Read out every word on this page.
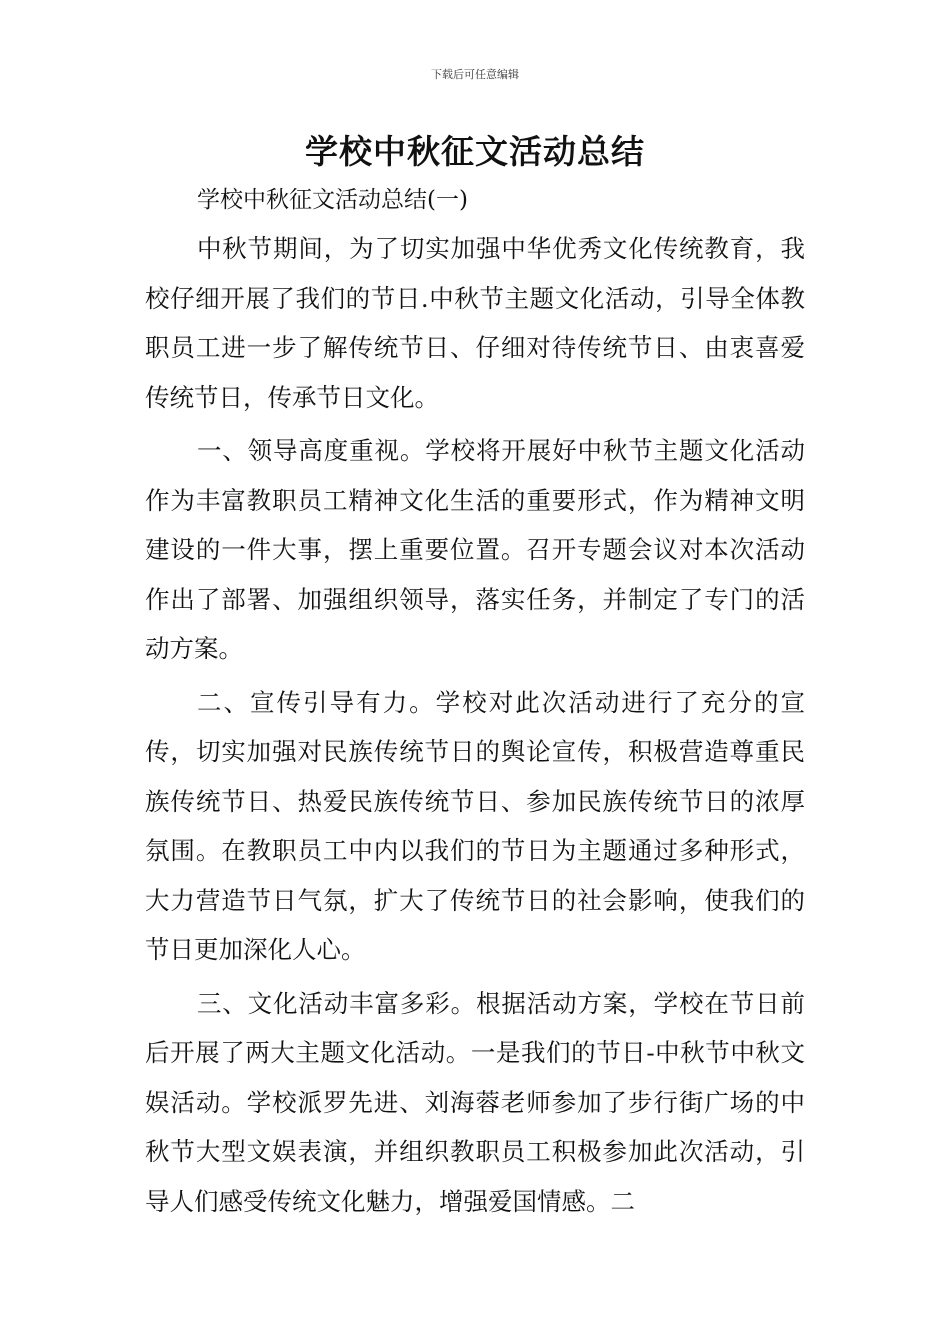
下载后可任意编辑
学校中秋征文活动总结

学校中秋征文活动总结(一)

中秋节期间，为了切实加强中华优秀文化传统教育，我校仔细开展了我们的节日.中秋节主题文化活动，引导全体教职员工进一步了解传统节日、仔细对待传统节日、由衷喜爱传统节日，传承节日文化。

一、领导高度重视。学校将开展好中秋节主题文化活动作为丰富教职员工精神文化生活的重要形式，作为精神文明建设的一件大事，摆上重要位置。召开专题会议对本次活动作出了部署、加强组织领导，落实任务，并制定了专门的活动方案。

二、宣传引导有力。学校对此次活动进行了充分的宣传，切实加强对民族传统节日的舆论宣传，积极营造尊重民族传统节日、热爱民族传统节日、参加民族传统节日的浓厚氛围。在教职员工中内以我们的节日为主题通过多种形式，大力营造节日气氛，扩大了传统节日的社会影响，使我们的节日更加深化人心。

三、文化活动丰富多彩。根据活动方案，学校在节日前后开展了两大主题文化活动。一是我们的节日-中秋节中秋文娱活动。学校派罗先进、刘海蓉老师参加了步行街广场的中秋节大型文娱表演，并组织教职员工积极参加此次活动，引导人们感受传统文化魅力，增强爱国情感。二
